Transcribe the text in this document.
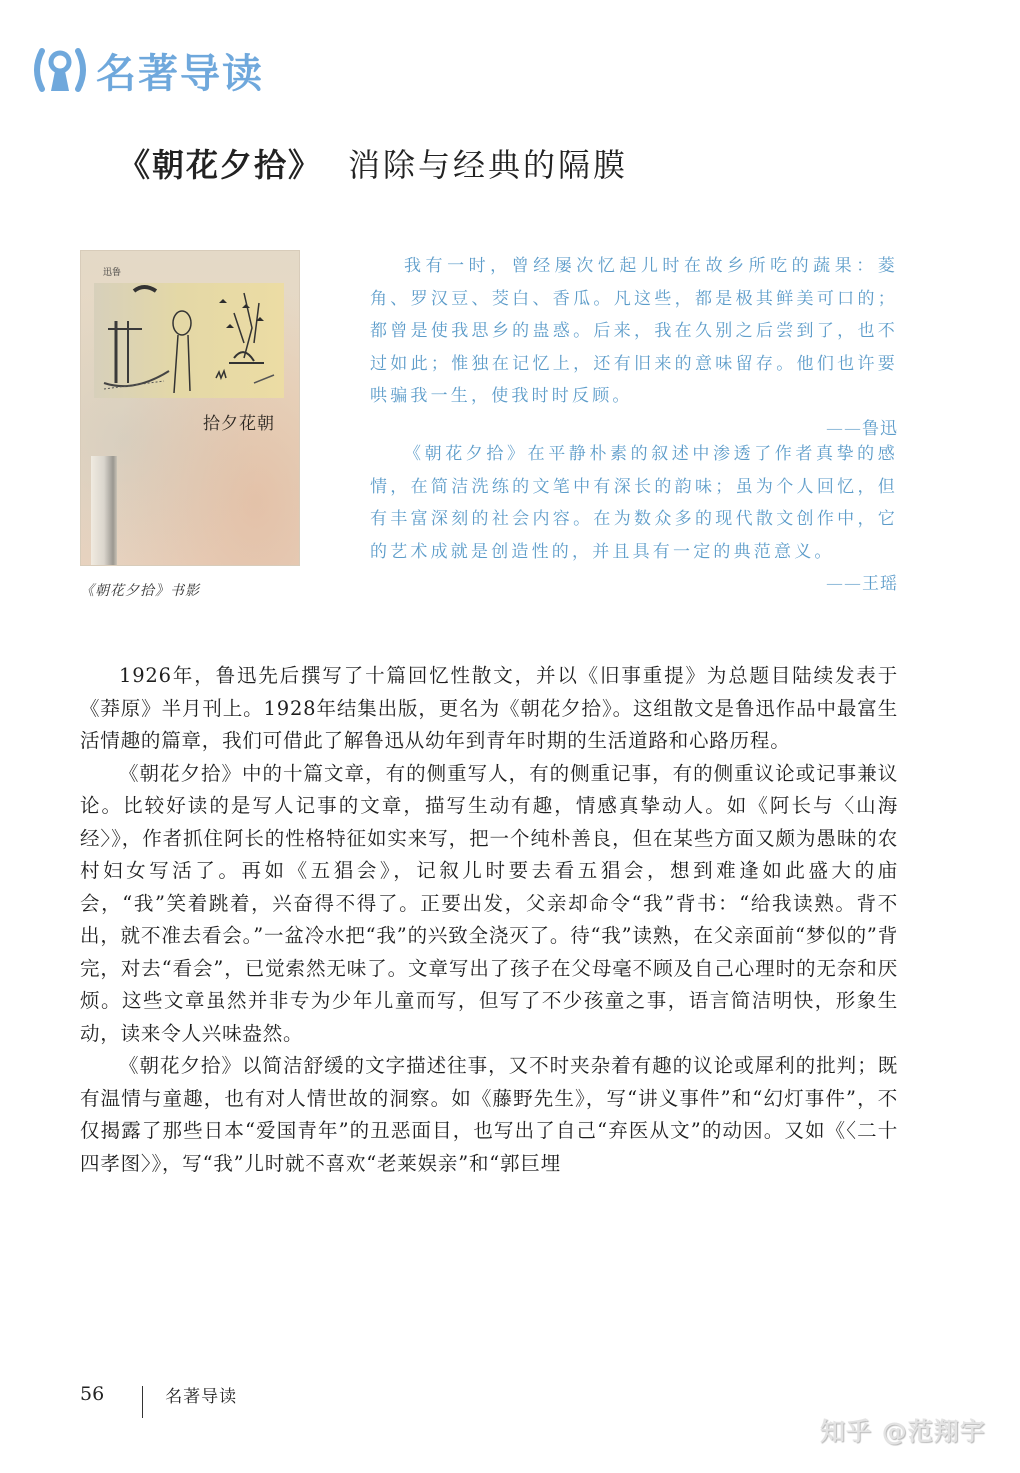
名著导读
《朝花夕拾》 消除与经典的隔膜
迅鲁
拾夕花朝
《朝花夕拾》书影

我有一时，曾经屡次忆起儿时在故乡所吃的蔬果：菱角、罗汉豆、茭白、香瓜。凡这些，都是极其鲜美可口的；都曾是使我思乡的蛊惑。后来，我在久别之后尝到了，也不过如此；惟独在记忆上，还有旧来的意味留存。他们也许要哄骗我一生，使我时时反顾。

——鲁迅

《朝花夕拾》在平静朴素的叙述中渗透了作者真挚的感情，在简洁洗练的文笔中有深长的韵味；虽为个人回忆，但有丰富深刻的社会内容。在为数众多的现代散文创作中，它的艺术成就是创造性的，并且具有一定的典范意义。

——王瑶

1926年，鲁迅先后撰写了十篇回忆性散文，并以《旧事重提》为总题目陆续发表于《莽原》半月刊上。1928年结集出版，更名为《朝花夕拾》。这组散文是鲁迅作品中最富生活情趣的篇章，我们可借此了解鲁迅从幼年到青年时期的生活道路和心路历程。

《朝花夕拾》中的十篇文章，有的侧重写人，有的侧重记事，有的侧重议论或记事兼议论。比较好读的是写人记事的文章，描写生动有趣，情感真挚动人。如《阿长与〈山海经〉》，作者抓住阿长的性格特征如实来写，把一个纯朴善良，但在某些方面又颇为愚昧的农村妇女写活了。再如《五猖会》，记叙儿时要去看五猖会，想到难逢如此盛大的庙会，“我”笑着跳着，兴奋得不得了。正要出发，父亲却命令“我”背书：“给我读熟。背不出，就不准去看会。”一盆冷水把“我”的兴致全浇灭了。待“我”读熟，在父亲面前“梦似的”背完，对去“看会”，已觉索然无味了。文章写出了孩子在父母毫不顾及自己心理时的无奈和厌烦。这些文章虽然并非专为少年儿童而写，但写了不少孩童之事，语言简洁明快，形象生动，读来令人兴味盎然。

《朝花夕拾》以简洁舒缓的文字描述往事，又不时夹杂着有趣的议论或犀利的批判；既有温情与童趣，也有对人情世故的洞察。如《藤野先生》，写“讲义事件”和“幻灯事件”，不仅揭露了那些日本“爱国青年”的丑恶面目，也写出了自己“弃医从文”的动因。又如《〈二十四孝图〉》，写“我”儿时就不喜欢“老莱娱亲”和“郭巨埋

56	名著导读
知乎 @范翔宇
